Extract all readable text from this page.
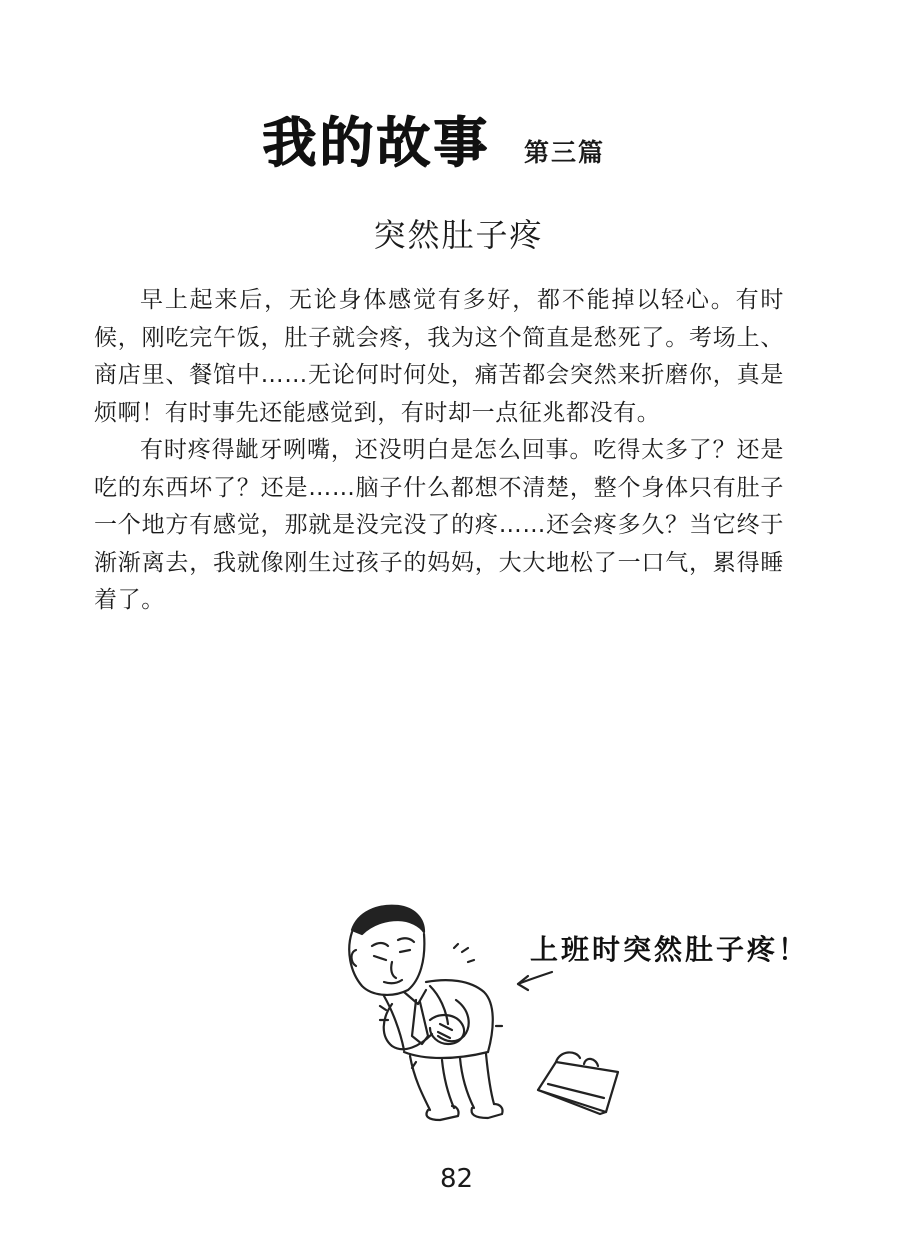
我的故事 第三篇
突然肚子疼

早上起来后，无论身体感觉有多好，都不能掉以轻心。有时候，刚吃完午饭，肚子就会疼，我为这个简直是愁死了。考场上、商店里、餐馆中……无论何时何处，痛苦都会突然来折磨你，真是烦啊！有时事先还能感觉到，有时却一点征兆都没有。

有时疼得龇牙咧嘴，还没明白是怎么回事。吃得太多了？还是吃的东西坏了？还是……脑子什么都想不清楚，整个身体只有肚子一个地方有感觉，那就是没完没了的疼……还会疼多久？当它终于渐渐离去，我就像刚生过孩子的妈妈，大大地松了一口气，累得睡着了。

上班时突然肚子疼！
82
